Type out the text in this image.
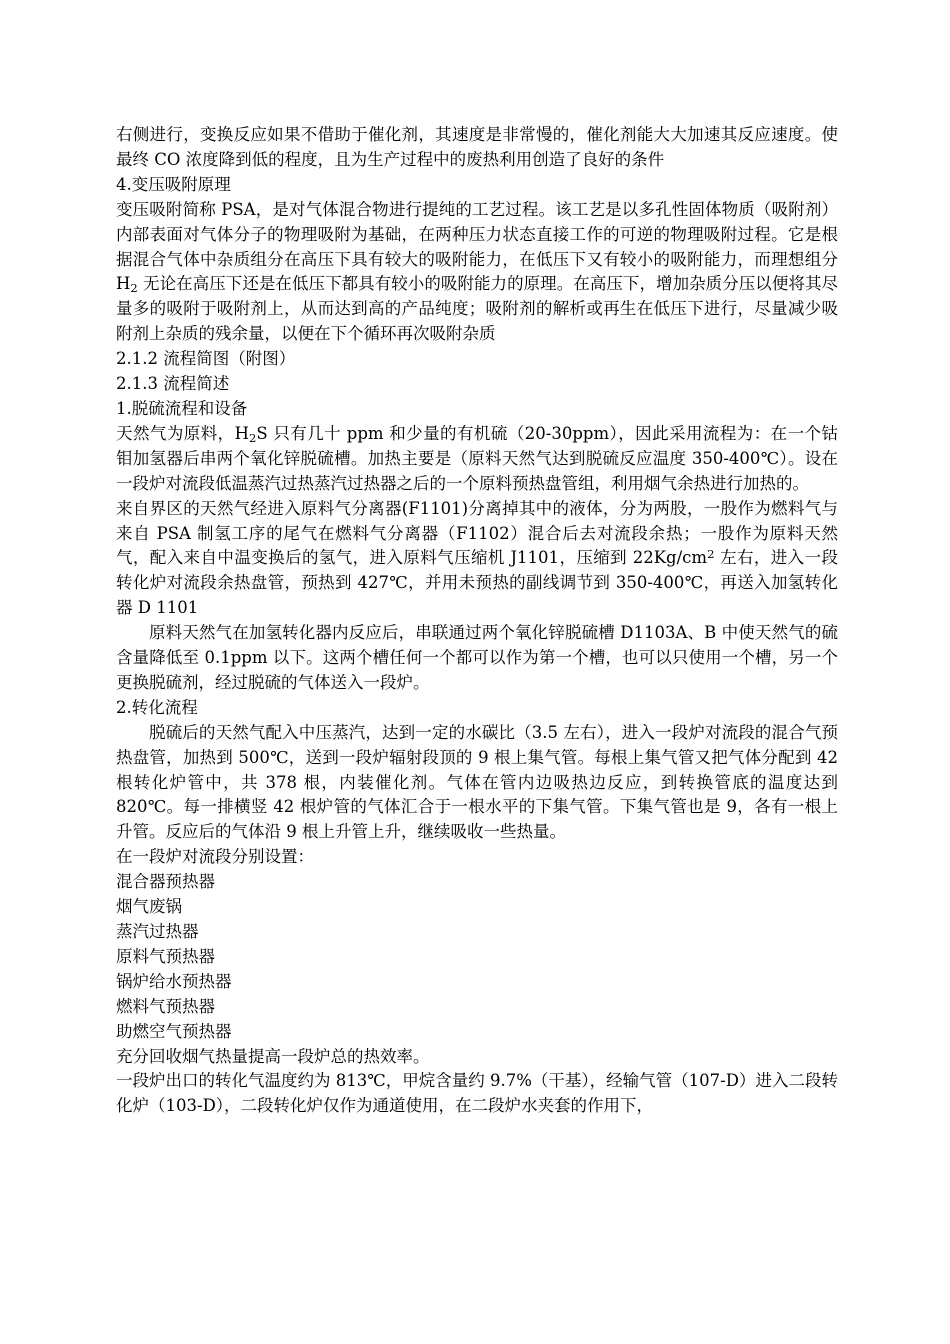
右侧进行，变换反应如果不借助于催化剂，其速度是非常慢的，催化剂能大大加速其反应速度。使最终 CO 浓度降到低的程度，且为生产过程中的废热利用创造了良好的条件

4.变压吸附原理

变压吸附简称 PSA，是对气体混合物进行提纯的工艺过程。该工艺是以多孔性固体物质（吸附剂）内部表面对气体分子的物理吸附为基础，在两种压力状态直接工作的可逆的物理吸附过程。它是根据混合气体中杂质组分在高压下具有较大的吸附能力，在低压下又有较小的吸附能力，而理想组分 $H_2$ 无论在高压下还是在低压下都具有较小的吸附能力的原理。在高压下，增加杂质分压以便将其尽量多的吸附于吸附剂上，从而达到高的产品纯度；吸附剂的解析或再生在低压下进行，尽量减少吸附剂上杂质的残余量，以便在下个循环再次吸附杂质

2.1.2 流程简图（附图）

2.1.3 流程简述

1.脱硫流程和设备

天然气为原料，$H_2S$ 只有几十 ppm 和少量的有机硫（20-30ppm），因此采用流程为：在一个钴钼加氢器后串两个氧化锌脱硫槽。加热主要是（原料天然气达到脱硫反应温度 350-400℃）。设在一段炉对流段低温蒸汽过热蒸汽过热器之后的一个原料预热盘管组，利用烟气余热进行加热的。

来自界区的天然气经进入原料气分离器(F1101)分离掉其中的液体，分为两股，一股作为燃料气与来自 PSA 制氢工序的尾气在燃料气分离器（F1102）混合后去对流段余热；一股作为原料天然气，配入来自中温变换后的氢气，进入原料气压缩机 J1101，压缩到 $22Kg/cm^2$ 左右，进入一段转化炉对流段余热盘管，预热到 427℃，并用未预热的副线调节到 350-400℃，再送入加氢转化器 D 1101

原料天然气在加氢转化器内反应后，串联通过两个氧化锌脱硫槽 D1103A、B 中使天然气的硫含量降低至 0.1ppm 以下。这两个槽任何一个都可以作为第一个槽，也可以只使用一个槽，另一个更换脱硫剂，经过脱硫的气体送入一段炉。

2.转化流程

脱硫后的天然气配入中压蒸汽，达到一定的水碳比（3.5 左右），进入一段炉对流段的混合气预热盘管，加热到 500℃，送到一段炉辐射段顶的 9 根上集气管。每根上集气管又把气体分配到 42 根转化炉管中，共 378 根，内装催化剂。气体在管内边吸热边反应，到转换管底的温度达到 820℃。每一排横竖 42 根炉管的气体汇合于一根水平的下集气管。下集气管也是 9，各有一根上升管。反应后的气体沿 9 根上升管上升，继续吸收一些热量。

在一段炉对流段分别设置：

混合器预热器

烟气废锅

蒸汽过热器

原料气预热器

锅炉给水预热器

燃料气预热器

助燃空气预热器

充分回收烟气热量提高一段炉总的热效率。

一段炉出口的转化气温度约为 813℃，甲烷含量约 9.7%（干基），经输气管（107-D）进入二段转化炉（103-D），二段转化炉仅作为通道使用，在二段炉水夹套的作用下，
